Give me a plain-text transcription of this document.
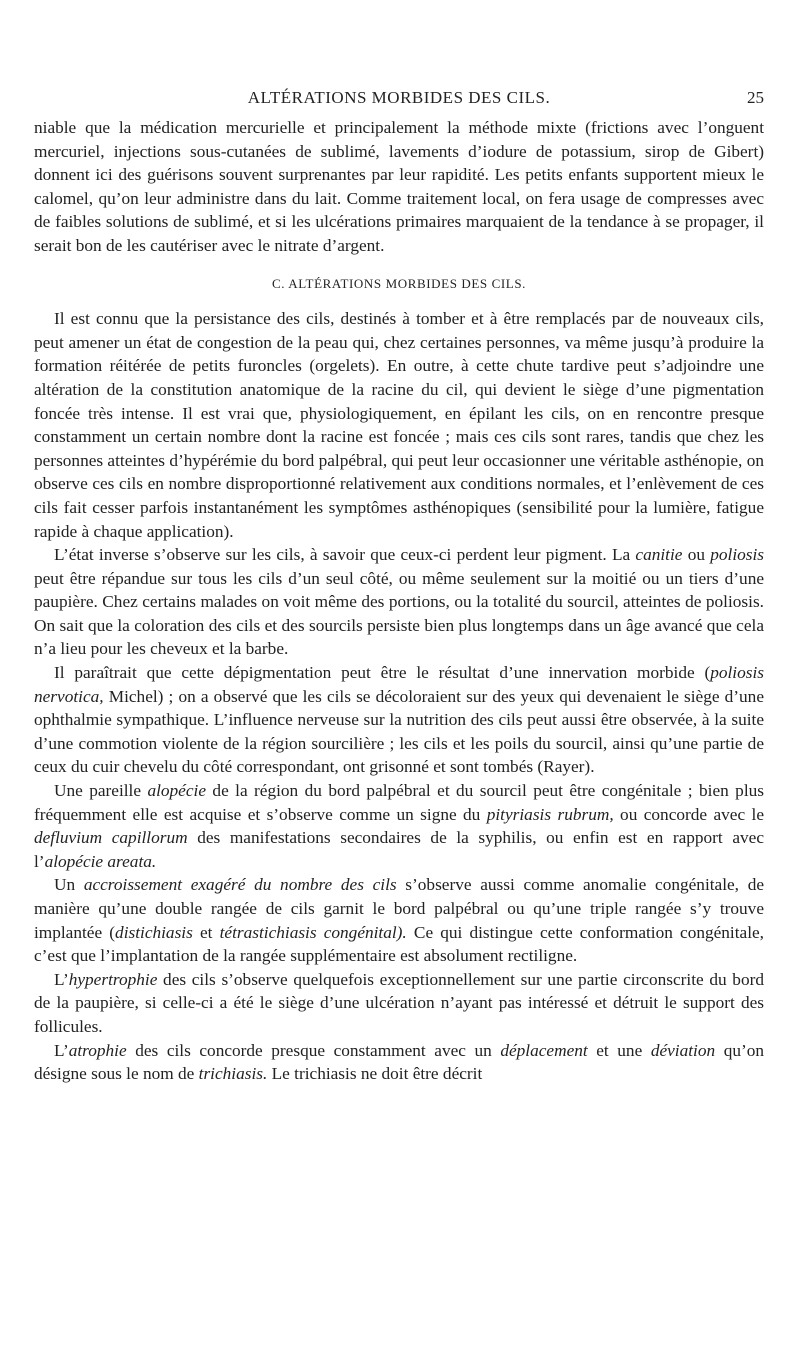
ALTÉRATIONS MORBIDES DES CILS.	25

niable que la médication mercurielle et principalement la méthode mixte (frictions avec l’onguent mercuriel, injections sous-cutanées de sublimé, lavements d’iodure de potassium, sirop de Gibert) donnent ici des guérisons souvent surprenantes par leur rapidité. Les petits enfants supportent mieux le calomel, qu’on leur administre dans du lait. Comme traitement local, on fera usage de compresses avec de faibles solutions de sublimé, et si les ulcérations primaires marquaient de la tendance à se propager, il serait bon de les cautériser avec le nitrate d’argent.

C. ALTÉRATIONS MORBIDES DES CILS.

Il est connu que la persistance des cils, destinés à tomber et à être remplacés par de nouveaux cils, peut amener un état de congestion de la peau qui, chez certaines personnes, va même jusqu’à produire la formation réitérée de petits furoncles (orgelets). En outre, à cette chute tardive peut s’adjoindre une altération de la constitution anatomique de la racine du cil, qui devient le siège d’une pigmentation foncée très intense. Il est vrai que, physiologiquement, en épilant les cils, on en rencontre presque constamment un certain nombre dont la racine est foncée ; mais ces cils sont rares, tandis que chez les personnes atteintes d’hypérémie du bord palpébral, qui peut leur occasionner une véritable asthénopie, on observe ces cils en nombre disproportionné relativement aux conditions normales, et l’enlèvement de ces cils fait cesser parfois instantanément les symptômes asthénopiques (sensibilité pour la lumière, fatigue rapide à chaque application).

L’état inverse s’observe sur les cils, à savoir que ceux-ci perdent leur pigment. La canitie ou poliosis peut être répandue sur tous les cils d’un seul côté, ou même seulement sur la moitié ou un tiers d’une paupière. Chez certains malades on voit même des portions, ou la totalité du sourcil, atteintes de poliosis. On sait que la coloration des cils et des sourcils persiste bien plus longtemps dans un âge avancé que cela n’a lieu pour les cheveux et la barbe.

Il paraîtrait que cette dépigmentation peut être le résultat d’une innervation morbide (poliosis nervotica, Michel) ; on a observé que les cils se décoloraient sur des yeux qui devenaient le siège d’une ophthalmie sympathique. L’influence nerveuse sur la nutrition des cils peut aussi être observée, à la suite d’une commotion violente de la région sourcilière ; les cils et les poils du sourcil, ainsi qu’une partie de ceux du cuir chevelu du côté correspondant, ont grisonné et sont tombés (Rayer).

Une pareille alopécie de la région du bord palpébral et du sourcil peut être congénitale ; bien plus fréquemment elle est acquise et s’observe comme un signe du pityriasis rubrum, ou concorde avec le defluvium capillorum des manifestations secondaires de la syphilis, ou enfin est en rapport avec l’alopécie areata.

Un accroissement exagéré du nombre des cils s’observe aussi comme anomalie congénitale, de manière qu’une double rangée de cils garnit le bord palpébral ou qu’une triple rangée s’y trouve implantée (distichiasis et tétrastichiasis congénital). Ce qui distingue cette conformation congénitale, c’est que l’implantation de la rangée supplémentaire est absolument rectiligne.

L’hypertrophie des cils s’observe quelquefois exceptionnellement sur une partie circonscrite du bord de la paupière, si celle-ci a été le siège d’une ulcération n’ayant pas intéressé et détruit le support des follicules.

L’atrophie des cils concorde presque constamment avec un déplacement et une déviation qu’on désigne sous le nom de trichiasis. Le trichiasis ne doit être décrit
